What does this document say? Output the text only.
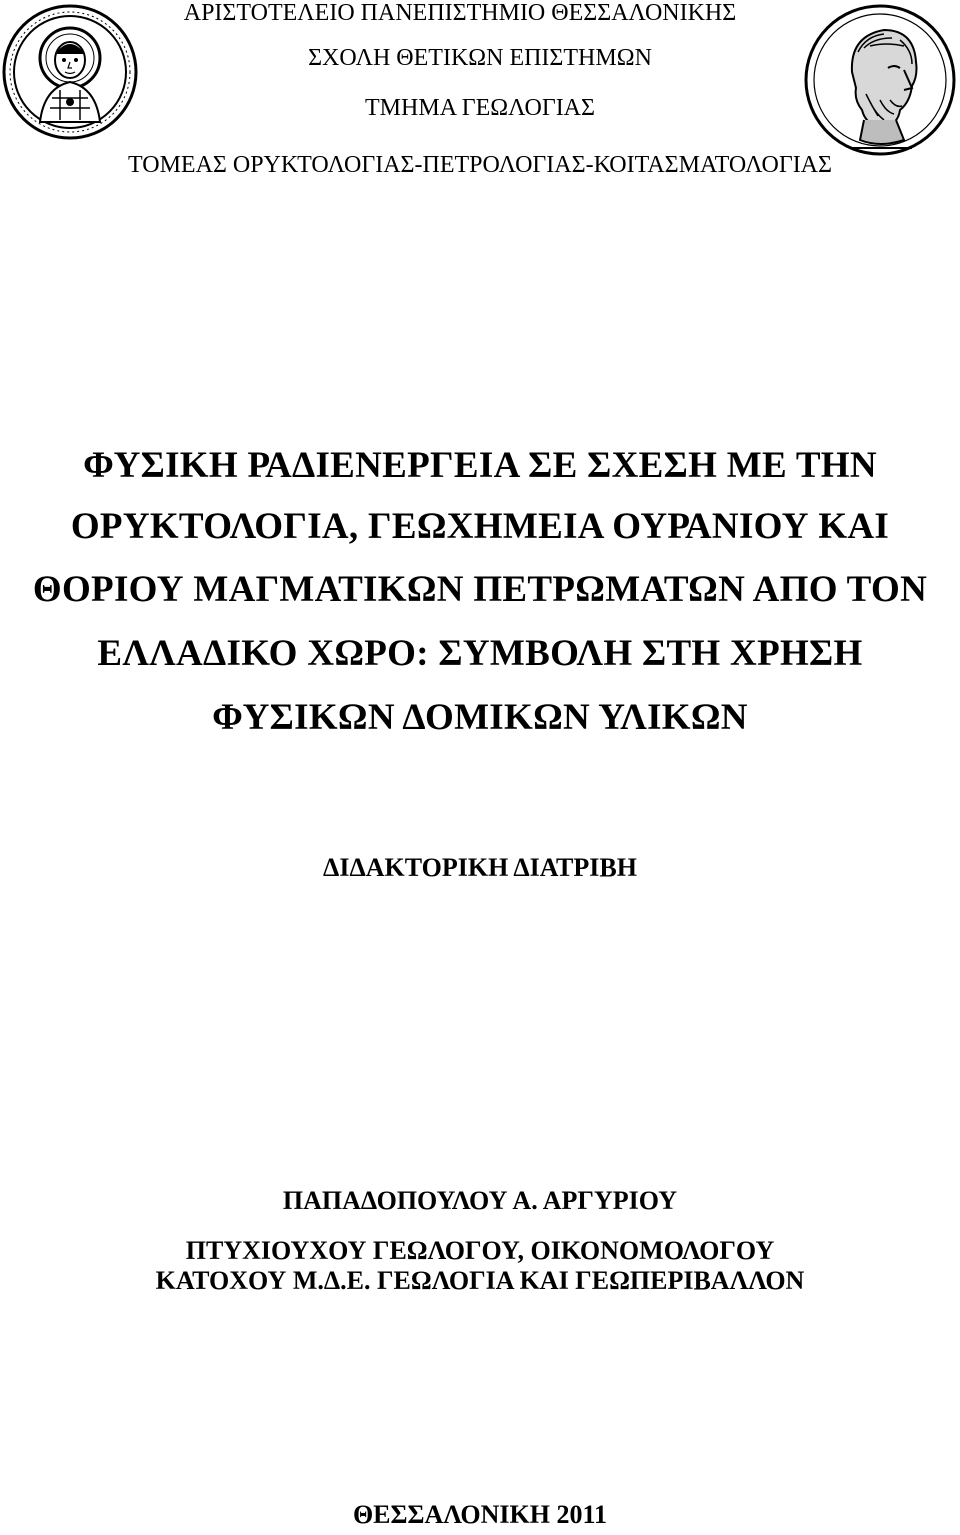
ΑΡΙΣΤΟΤΕΛΕΙΟ ΠΑΝΕΠΙΣΤΗΜΙΟ ΘΕΣΣΑΛΟΝΙΚΗΣ
ΣΧΟΛΗ ΘΕΤΙΚΩΝ ΕΠΙΣΤΗΜΩΝ
ΤΜΗΜΑ ΓΕΩΛΟΓΙΑΣ
ΤΟΜΕΑΣ ΟΡΥΚΤΟΛΟΓΙΑΣ-ΠΕΤΡΟΛΟΓΙΑΣ-ΚΟΙΤΑΣΜΑΤΟΛΟΓΙΑΣ
ΦΥΣΙΚΗ ΡΑΔΙΕΝΕΡΓΕΙΑ ΣΕ ΣΧΕΣΗ ΜΕ ΤΗΝ
ΟΡΥΚΤΟΛΟΓΙΑ, ΓΕΩΧΗΜΕΙΑ ΟΥΡΑΝΙΟΥ ΚΑΙ
ΘΟΡΙΟΥ ΜΑΓΜΑΤΙΚΩΝ ΠΕΤΡΩΜΑΤΩΝ ΑΠΟ ΤΟΝ
ΕΛΛΑΔΙΚΟ ΧΩΡΟ: ΣΥΜΒΟΛΗ ΣΤΗ ΧΡΗΣΗ
ΦΥΣΙΚΩΝ ΔΟΜΙΚΩΝ ΥΛΙΚΩΝ
ΔΙΔΑΚΤΟΡΙΚΗ ΔΙΑΤΡΙΒΗ
ΠΑΠΑΔΟΠΟΥΛΟΥ Α. ΑΡΓΥΡΙΟΥ
ΠΤΥΧΙΟΥΧΟΥ ΓΕΩΛΟΓΟΥ, ΟΙΚΟΝΟΜΟΛΟΓΟΥ
ΚΑΤΟΧΟΥ Μ.Δ.Ε. ΓΕΩΛΟΓΙΑ ΚΑΙ ΓΕΩΠΕΡΙΒΑΛΛΟΝ
ΘΕΣΣΑΛΟΝΙΚΗ 2011
